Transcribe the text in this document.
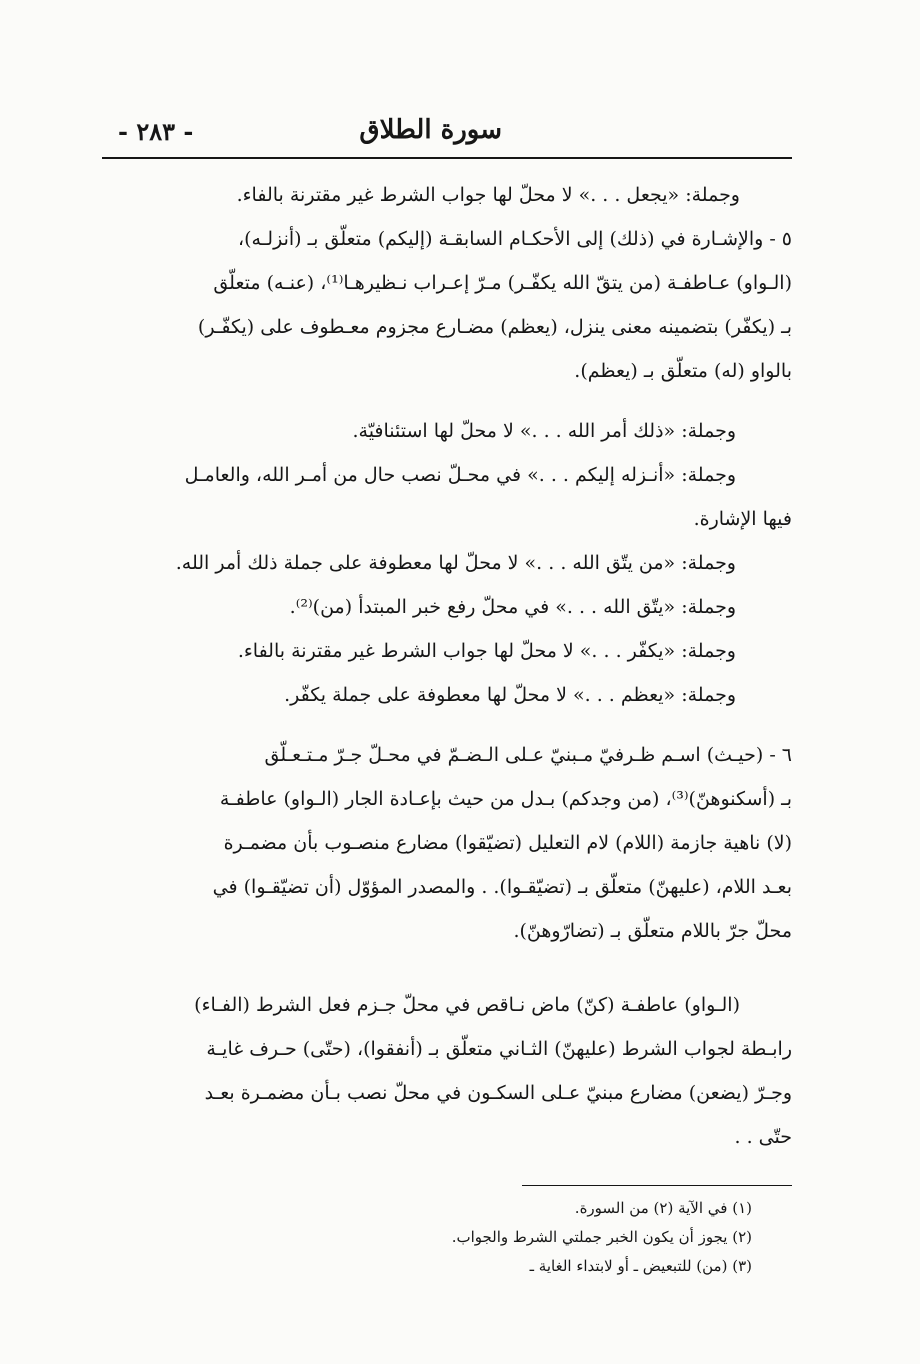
سورة الطلاق
- ٢٨٣ -

وجملة: «يجعل . . .» لا محلّ لها جواب الشرط غير مقترنة بالفاء.

٥ - والإشـارة في (ذلك) إلى الأحكـام السابقـة (إليكم) متعلّق بـ (أنزلـه)،

(الـواو) عـاطفـة (من يتقّ الله يكفّـر) مـرّ إعـراب نـظيرهـا⁽¹⁾، (عنـه) متعلّق

بـ (يكفّر) بتضمينه معنى ينزل، (يعظم) مضـارع مجزوم معـطوف على (يكفّـر)

بالواو (له) متعلّق بـ (يعظم).

وجملة: «ذلك أمر الله . . .» لا محلّ لها استئنافيّة.

وجملة: «أنـزله إليكم . . .» في محـلّ نصب حال من أمـر الله، والعامـل

فيها الإشارة.

وجملة: «من يتّق الله . . .» لا محلّ لها معطوفة على جملة ذلك أمر الله.

وجملة: «يتّق الله . . .» في محلّ رفع خبر المبتدأ (من)⁽²⁾.

وجملة: «يكفّر . . .» لا محلّ لها جواب الشرط غير مقترنة بالفاء.

وجملة: «يعظم . . .» لا محلّ لها معطوفة على جملة يكفّر.

٦ - (حيـث) اسـم ظـرفيّ مـبنيّ عـلى الـضـمّ في محـلّ جـرّ مـتـعـلّق

بـ (أسكنوهنّ)⁽³⁾، (من وجدكم) بـدل من حيث بإعـادة الجار (الـواو) عاطفـة

(لا) ناهية جازمة (اللام) لام التعليل (تضيّقوا) مضارع منصـوب بأن مضمـرة

بعـد اللام، (عليهنّ) متعلّق بـ (تضيّقـوا). . والمصدر المؤوّل (أن تضيّقـوا) في

محلّ جرّ باللام متعلّق بـ (تضارّوهنّ).

(الـواو) عاطفـة (كنّ) ماض نـاقص في محلّ جـزم فعل الشرط (الفـاء)

رابـطة لجواب الشرط (عليهنّ) الثـاني متعلّق بـ (أنفقوا)، (حتّى) حـرف غايـة

وجـرّ (يضعن) مضارع مبنيّ عـلى السكـون في محلّ نصب بـأن مضمـرة بعـد

حتّى . .

(١) في الآية (٢) من السورة.

(٢) يجوز أن يكون الخبر جملتي الشرط والجواب.

(٣) (من) للتبعيض ـ أو لابتداء الغاية ـ
